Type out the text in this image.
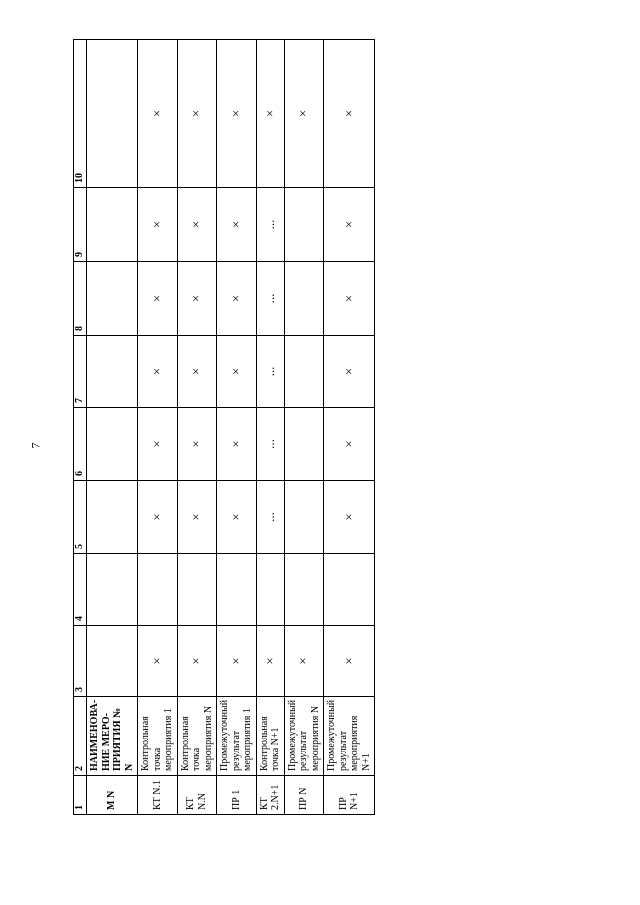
7
1	2	3	4	5	6	7	8	9	10
M N	НАИМЕНОВА-НИЕ МЕРО-ПРИЯТИЯ № N								
КТ N.1	Контрольная точка мероприятия 1	×		×	×	×	×	×	×
КТ N.N	Контрольная точка мероприятия N	×		×	×	×	×	×	×
ПР 1	Промежуточный результат мероприятия 1	×		×	×	×	×	×	×
КТ 2.N+1	Контрольная точка N+1	×		...	...	...	...	...	×
ПР N	Промежуточный результат мероприятия N	×							×
ПР N+1	Промежуточный результат мероприятия N+1	×		×	×	×	×	×	×
